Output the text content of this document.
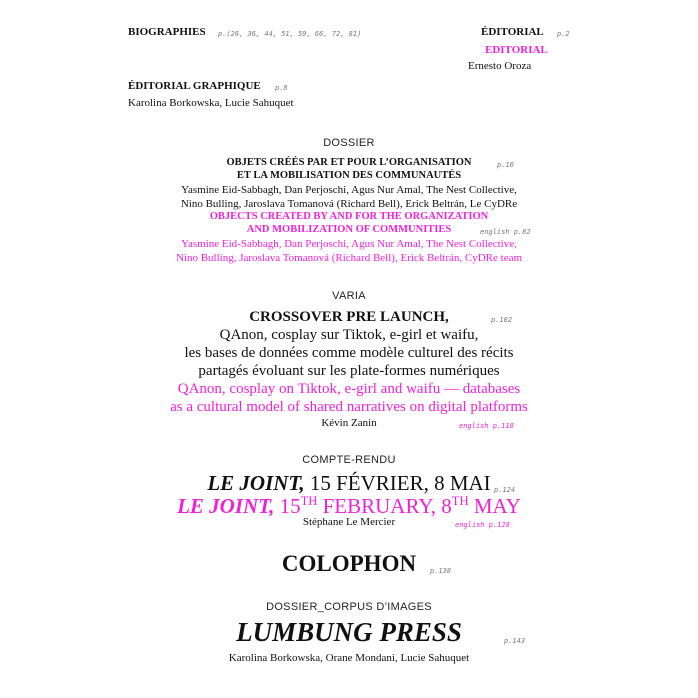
BIOGRAPHIES p.(26, 36, 44, 51, 59, 66, 72, 81)
ÉDITORIAL GRAPHIQUE p.8
Karolina Borkowska, Lucie Sahuquet
ÉDITORIAL p.2
EDITORIAL
Ernesto Oroza
DOSSIER
OBJETS CRÉÉS PAR ET POUR L’ORGANISATION	p.16
ET LA MOBILISATION DES COMMUNAUTÉS
Yasmine Eid-Sabbagh, Dan Perjoschi, Agus Nur Amal, The Nest Collective,
Nino Bulling, Jaroslava Tomanová (Richard Bell), Erick Beltrán, Le CyDRe
OBJECTS CREATED BY AND FOR THE ORGANIZATION
AND MOBILIZATION OF COMMUNITIES	english p.82
Yasmine Eid-Sabbagh, Dan Perjoschi, Agus Nur Amal, The Nest Collective,
Nino Bulling, Jaroslava Tomanová (Richard Bell), Erick Beltrán, CyDRe team
VARIA
CROSSOVER PRE LAUNCH,	p.102
QAnon, cosplay sur Tiktok, e-girl et waifu,
les bases de données comme modèle culturel des récits
partagés évoluant sur les plate-formes numériques
QAnon, cosplay on Tiktok, e-girl and waifu — databases
as a cultural model of shared narratives on digital platforms
Kévin Zanin	english p.118
COMPTE-RENDU
LE JOINT, 15 FÉVRIER, 8 MAI p.124
LE JOINT, 15TH FEBRUARY, 8TH MAY
Stéphane Le Mercier	english p.128
COLOPHON	p.138
DOSSIER_CORPUS D’IMAGES
LUMBUNG PRESS	p.143
Karolina Borkowska, Orane Mondani, Lucie Sahuquet
